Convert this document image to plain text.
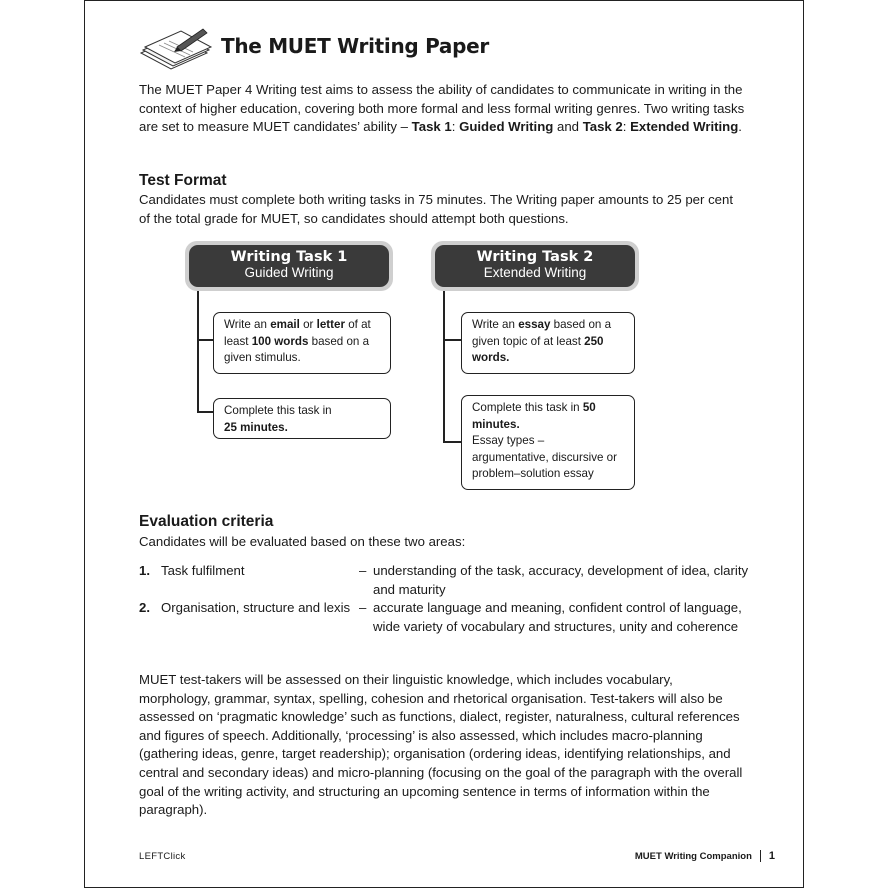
The MUET Writing Paper

The MUET Paper 4 Writing test aims to assess the ability of candidates to communicate in writing in the context of higher education, covering both more formal and less formal writing genres. Two writing tasks are set to measure MUET candidates’ ability – Task 1: Guided Writing and Task 2: Extended Writing.

Test Format

Candidates must complete both writing tasks in 75 minutes. The Writing paper amounts to 25 per cent of the total grade for MUET, so candidates should attempt both questions.

Writing Task 1
Guided Writing
Write an email or letter of at least 100 words based on a given stimulus.
Complete this task in
25 minutes.
Writing Task 2
Extended Writing
Write an essay based on a given topic of at least 250 words.
Complete this task in 50 minutes.
Essay types – argumentative, discursive or problem–solution essay
Evaluation criteria

Candidates will be evaluated based on these two areas:

1. Task fulfilment	– understanding of the task, accuracy, development of idea, clarity and maturity
2. Organisation, structure and lexis – accurate language and meaning, confident control of language, wide variety of vocabulary and structures, unity and coherence

MUET test-takers will be assessed on their linguistic knowledge, which includes vocabulary, morphology, grammar, syntax, spelling, cohesion and rhetorical organisation. Test-takers will also be assessed on ‘pragmatic knowledge’ such as functions, dialect, register, naturalness, cultural references and figures of speech. Additionally, ‘processing’ is also assessed, which includes macro-planning (gathering ideas, genre, target readership); organisation (ordering ideas, identifying relationships, and central and secondary ideas) and micro-planning (focusing on the goal of the paragraph with the overall goal of the writing activity, and structuring an upcoming sentence in terms of information within the paragraph).

LEFTClick	MUET Writing Companion 1
